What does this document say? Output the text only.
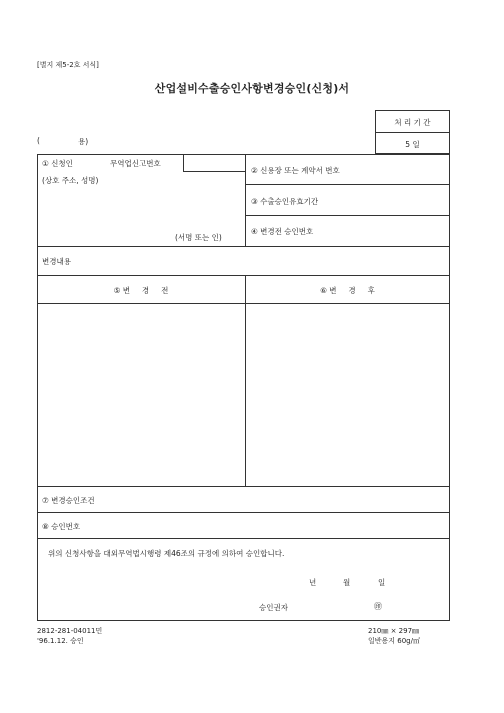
[별지 제5-2호 서식]
산업설비수출승인사항변경승인(신청)서
처 리 기 간
5 일
(	용)
① 신청인	무역업신고번호
(상호 주소, 성명)
(서명 또는 인)
② 신용장 또는 계약서 번호
③ 수출승인유효기간
④ 변경전 승인번호
변경내용
⑤ 변     경     전	⑥ 변     경     후
⑦ 변경승인조건
⑧ 승인번호
위의 신청사항을 대외무역법시행령 제46조의 규정에 의하여 승인합니다.
년	월	일
승인권자	㊞
2812-281-04011민
'96.1.12. 승인
210㎜ × 297㎜
일반용지 60g/㎡
